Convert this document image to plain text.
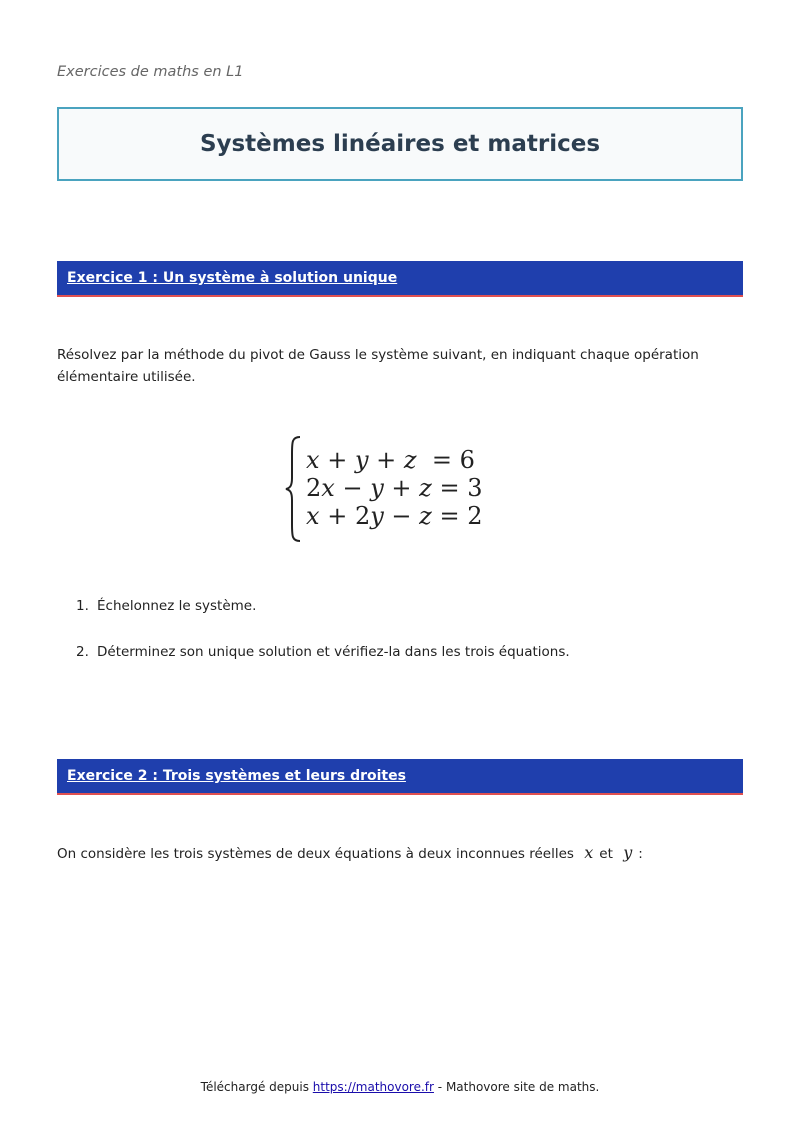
Exercices de maths en L1
Systèmes linéaires et matrices
Exercice 1 : Un système à solution unique
Résolvez par la méthode du pivot de Gauss le système suivant, en indiquant chaque opération élémentaire utilisée.
x + y + z = 6
2x − y + z = 3
x + 2y − z = 2
1. Échelonnez le système.
2. Déterminez son unique solution et vérifiez-la dans les trois équations.
Exercice 2 : Trois systèmes et leurs droites
On considère les trois systèmes de deux équations à deux inconnues réelles x et y :
Téléchargé depuis https://mathovore.fr - Mathovore site de maths.
